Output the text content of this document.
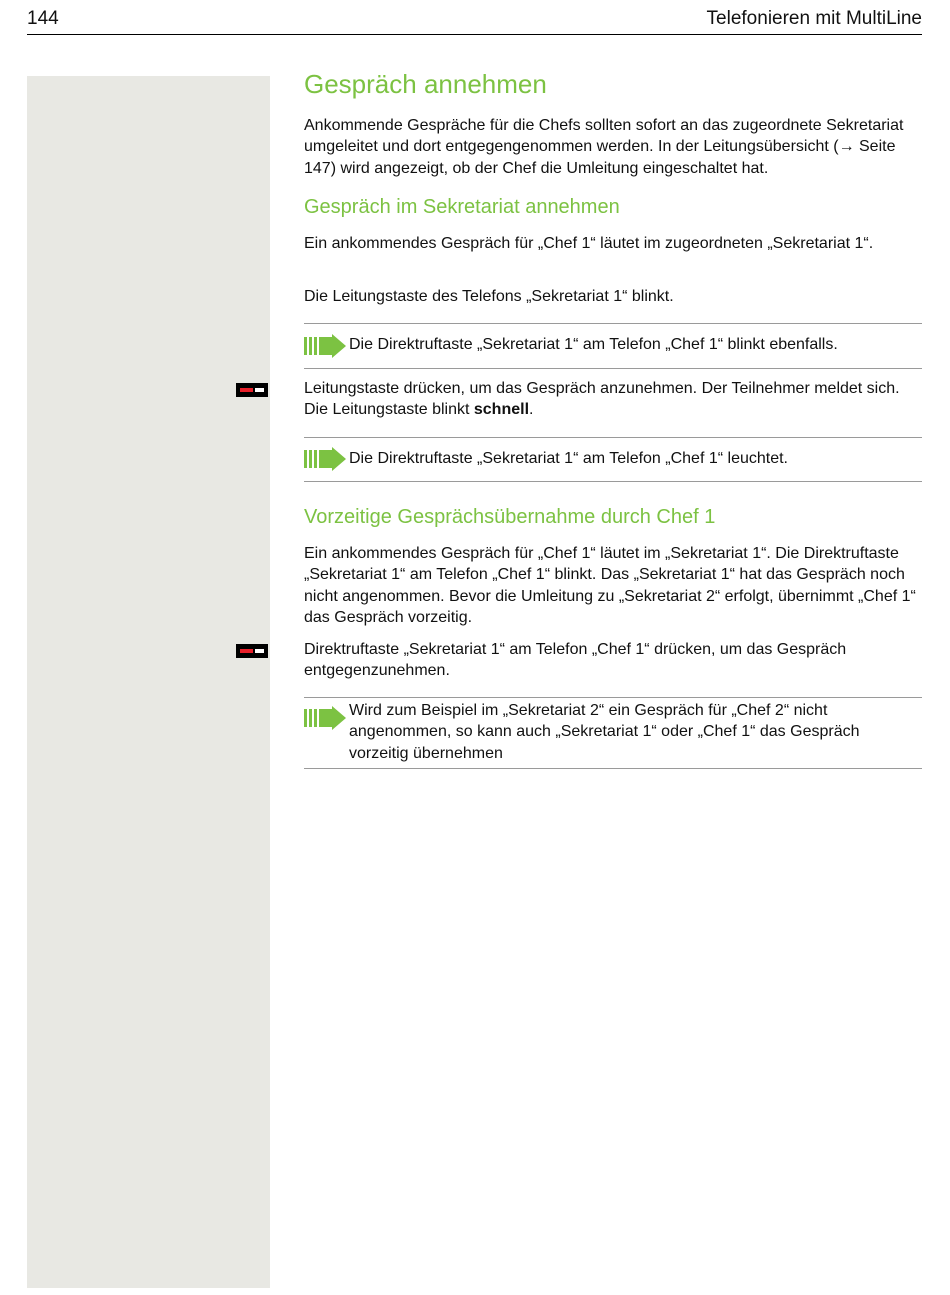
144	Telefonieren mit MultiLine
Gespräch annehmen

Ankommende Gespräche für die Chefs sollten sofort an das zugeordnete Sekretariat umgeleitet und dort entgegengenommen werden. In der Leitungsübersicht (→ Seite 147) wird angezeigt, ob der Chef die Umleitung eingeschaltet hat.

Gespräch im Sekretariat annehmen

Ein ankommendes Gespräch für „Chef 1“ läutet im zugeordneten „Sekretariat 1“.

Die Leitungstaste des Telefons „Sekretariat 1“ blinkt.

Die Direktruftaste „Sekretariat 1“ am Telefon „Chef 1“ blinkt ebenfalls.

Leitungstaste drücken, um das Gespräch anzunehmen. Der Teilnehmer meldet sich. Die Leitungstaste blinkt schnell.

Die Direktruftaste „Sekretariat 1“ am Telefon „Chef 1“ leuchtet.

Vorzeitige Gesprächsübernahme durch Chef 1

Ein ankommendes Gespräch für „Chef 1“ läutet im „Sekretariat 1“. Die Direktruftaste „Sekretariat 1“ am Telefon „Chef 1“ blinkt. Das „Sekretariat 1“ hat das Gespräch noch nicht angenommen. Bevor die Umleitung zu „Sekretariat 2“ erfolgt, übernimmt „Chef 1“ das Gespräch vorzeitig.

Direktruftaste „Sekretariat 1“ am Telefon „Chef 1“ drücken, um das Gespräch entgegenzunehmen.

Wird zum Beispiel im „Sekretariat 2“ ein Gespräch für „Chef 2“ nicht angenommen, so kann auch „Sekretariat 1“ oder „Chef 1“ das Gespräch vorzeitig übernehmen
